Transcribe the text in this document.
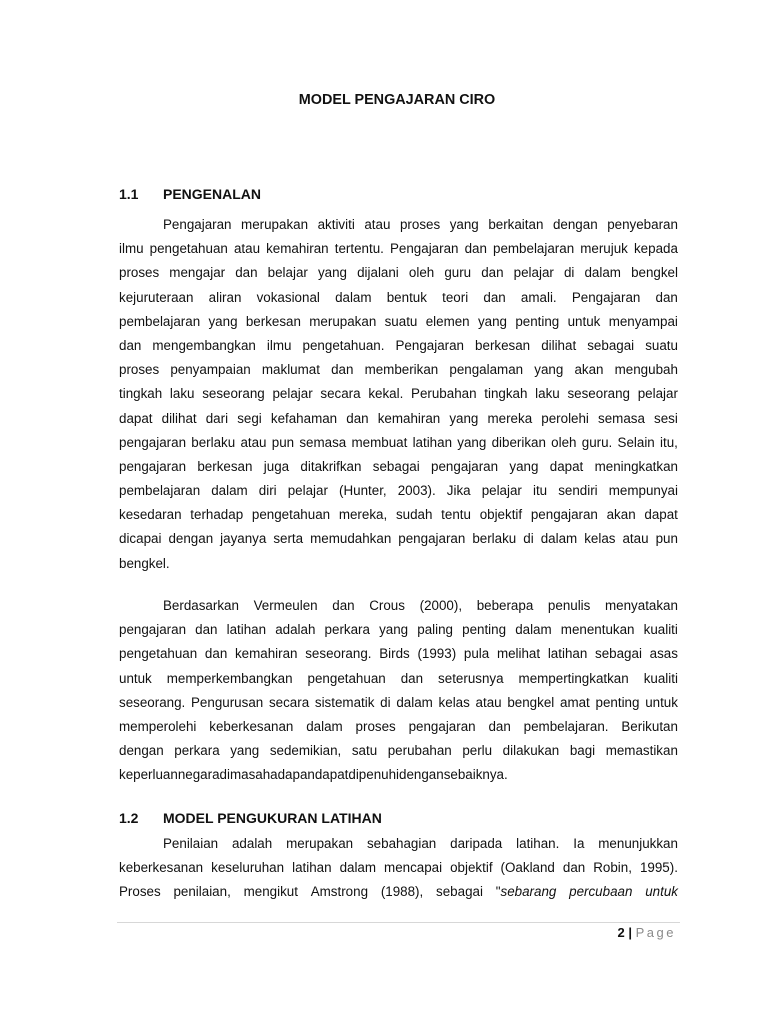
MODEL PENGAJARAN CIRO
1.1 PENGENALAN
Pengajaran merupakan aktiviti atau proses yang berkaitan dengan penyebaran
ilmu pengetahuan atau kemahiran tertentu. Pengajaran dan pembelajaran merujuk kepada
proses mengajar dan belajar yang dijalani oleh guru dan pelajar di dalam bengkel
kejuruteraan aliran vokasional dalam bentuk teori dan amali. Pengajaran dan
pembelajaran yang berkesan merupakan suatu elemen yang penting untuk menyampai
dan mengembangkan ilmu pengetahuan. Pengajaran berkesan dilihat sebagai suatu
proses penyampaian maklumat dan memberikan pengalaman yang akan mengubah
tingkah laku seseorang pelajar secara kekal. Perubahan tingkah laku seseorang pelajar
dapat dilihat dari segi kefahaman dan kemahiran yang mereka perolehi semasa sesi
pengajaran berlaku atau pun semasa membuat latihan yang diberikan oleh guru. Selain itu,
pengajaran berkesan juga ditakrifkan sebagai pengajaran yang dapat meningkatkan
pembelajaran dalam diri pelajar (Hunter, 2003). Jika pelajar itu sendiri mempunyai
kesedaran terhadap pengetahuan mereka, sudah tentu objektif pengajaran akan dapat
dicapai dengan jayanya serta memudahkan pengajaran berlaku di dalam kelas atau pun
bengkel.
Berdasarkan Vermeulen dan Crous (2000), beberapa penulis menyatakan
pengajaran dan latihan adalah perkara yang paling penting dalam menentukan kualiti
pengetahuan dan kemahiran seseorang. Birds (1993) pula melihat latihan sebagai asas
untuk memperkembangkan pengetahuan dan seterusnya mempertingkatkan kualiti
seseorang. Pengurusan secara sistematik di dalam kelas atau bengkel amat penting untuk
memperolehi keberkesanan dalam proses pengajaran dan pembelajaran. Berikutan
dengan perkara yang sedemikian, satu perubahan perlu dilakukan bagi memastikan
keperluan negara di masa hadapan dapat dipenuhi dengan sebaiknya.
1.2 MODEL PENGUKURAN LATIHAN
Penilaian adalah merupakan sebahagian daripada latihan. Ia menunjukkan
keberkesanan keseluruhan latihan dalam mencapai objektif (Oakland dan Robin, 1995).
Proses penilaian, mengikut Amstrong (1988), sebagai "sebarang percubaan untuk
2 | Page
